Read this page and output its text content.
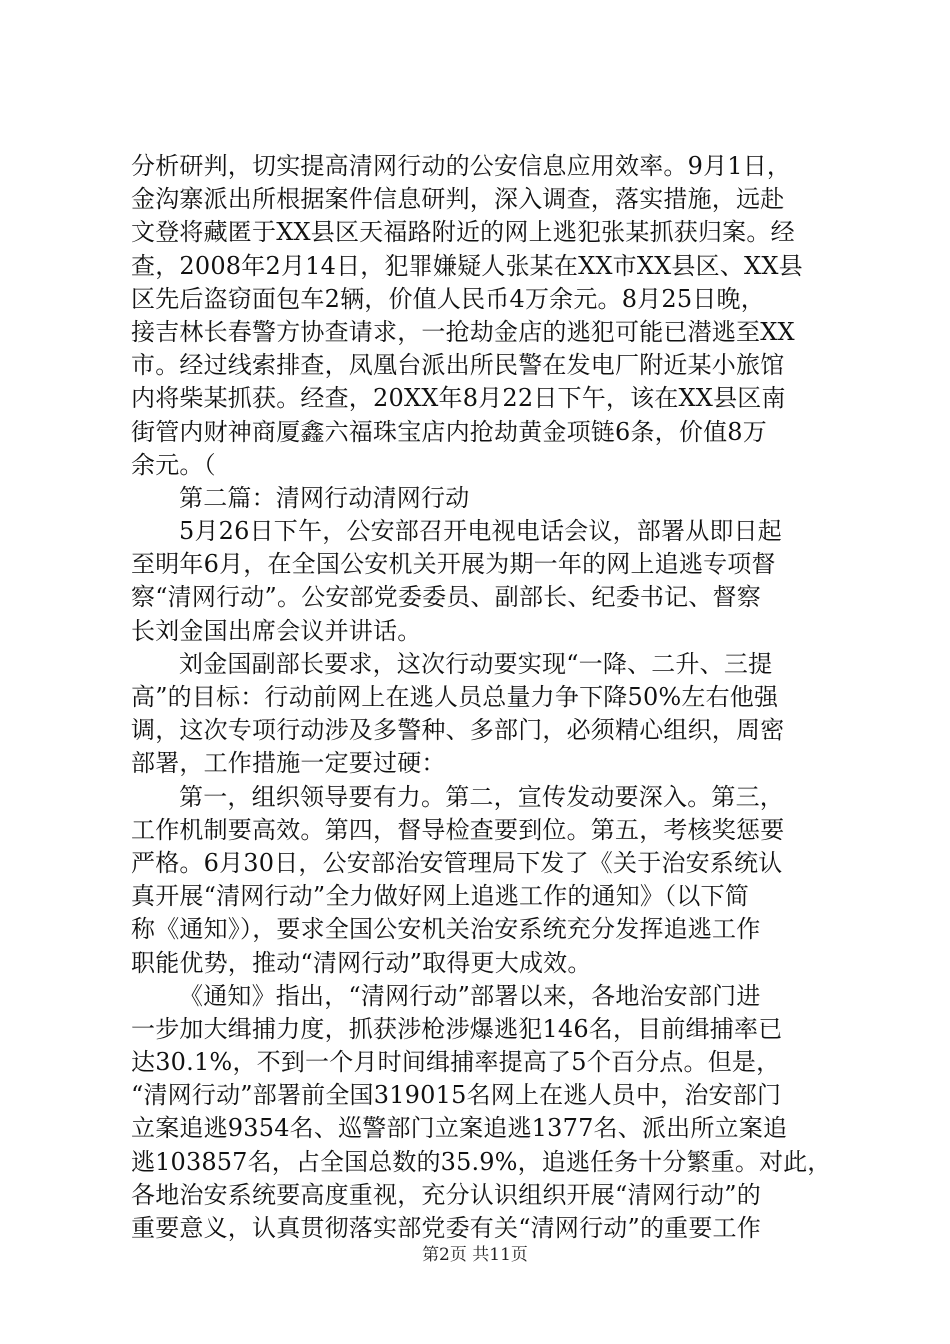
分析研判，切实提高清网行动的公安信息应用效率。9月1日，
金沟寨派出所根据案件信息研判，深入调查，落实措施，远赴
文登将藏匿于XX县区天福路附近的网上逃犯张某抓获归案。经
查，2008年2月14日，犯罪嫌疑人张某在XX市XX县区、XX县
区先后盗窃面包车2辆，价值人民币4万余元。8月25日晚，
接吉林长春警方协查请求，一抢劫金店的逃犯可能已潜逃至XX
市。经过线索排查，凤凰台派出所民警在发电厂附近某小旅馆
内将柴某抓获。经查，20XX年8月22日下午，该在XX县区南
街管内财神商厦鑫六福珠宝店内抢劫黄金项链6条，价值8万
余元。（
第二篇：清网行动清网行动
5月26日下午，公安部召开电视电话会议，部署从即日起
至明年6月，在全国公安机关开展为期一年的网上追逃专项督
察“清网行动”。公安部党委委员、副部长、纪委书记、督察
长刘金国出席会议并讲话。
刘金国副部长要求，这次行动要实现“一降、二升、三提
高”的目标：行动前网上在逃人员总量力争下降50%左右他强
调，这次专项行动涉及多警种、多部门，必须精心组织，周密
部署，工作措施一定要过硬：
第一，组织领导要有力。第二，宣传发动要深入。第三，
工作机制要高效。第四，督导检查要到位。第五，考核奖惩要
严格。6月30日，公安部治安管理局下发了《关于治安系统认
真开展“清网行动”全力做好网上追逃工作的通知》（以下简
称《通知》），要求全国公安机关治安系统充分发挥追逃工作
职能优势，推动“清网行动”取得更大成效。
《通知》指出，“清网行动”部署以来，各地治安部门进
一步加大缉捕力度，抓获涉枪涉爆逃犯146名，目前缉捕率已
达30.1%，不到一个月时间缉捕率提高了5个百分点。但是，
“清网行动”部署前全国319015名网上在逃人员中，治安部门
立案追逃9354名、巡警部门立案追逃1377名、派出所立案追
逃103857名，占全国总数的35.9%，追逃任务十分繁重。对此，
各地治安系统要高度重视，充分认识组织开展“清网行动”的
重要意义，认真贯彻落实部党委有关“清网行动”的重要工作
第2页 共11页
